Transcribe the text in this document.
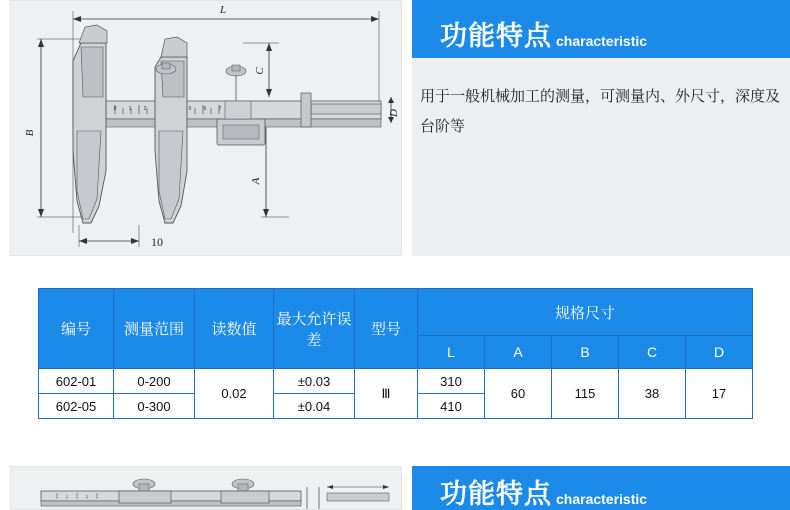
L
B
A
C
D
10
0 1 2	5 6 7
功能特点 characteristic
用于一般机械加工的测量，可测量内、外尺寸，深度及台阶等
编号	测量范围	读数值	最大允许误差	型号	规格尺寸				
					L	A	B	C	D
602-01	0-200	0.02	±0.03	Ⅲ	310	60	115	38	17
602-05	0-300		±0.04		410				
功能特点 characteristic
